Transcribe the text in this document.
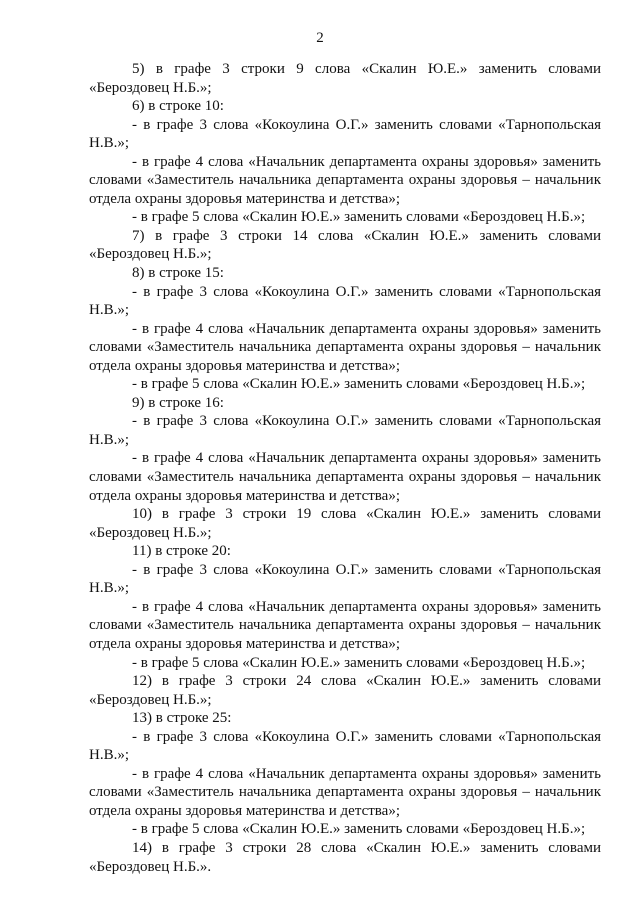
2

5) в графе 3 строки 9 слова «Скалин Ю.Е.» заменить словами «Бероздовец Н.Б.»;

6) в строке 10:

- в графе 3 слова «Кокоулина О.Г.» заменить словами «Тарнопольская Н.В.»;

- в графе 4 слова «Начальник департамента охраны здоровья» заменить словами «Заместитель начальника департамента охраны здоровья – начальник отдела охраны здоровья материнства и детства»;

- в графе 5 слова «Скалин Ю.Е.» заменить словами «Бероздовец Н.Б.»;

7) в графе 3 строки 14 слова «Скалин Ю.Е.» заменить словами «Бероздовец Н.Б.»;

8) в строке 15:

- в графе 3 слова «Кокоулина О.Г.» заменить словами «Тарнопольская Н.В.»;

- в графе 4 слова «Начальник департамента охраны здоровья» заменить словами «Заместитель начальника департамента охраны здоровья – начальник отдела охраны здоровья материнства и детства»;

- в графе 5 слова «Скалин Ю.Е.» заменить словами «Бероздовец Н.Б.»;

9) в строке 16:

- в графе 3 слова «Кокоулина О.Г.» заменить словами «Тарнопольская Н.В.»;

- в графе 4 слова «Начальник департамента охраны здоровья» заменить словами «Заместитель начальника департамента охраны здоровья – начальник отдела охраны здоровья материнства и детства»;

10) в графе 3 строки 19 слова «Скалин Ю.Е.» заменить словами «Бероздовец Н.Б.»;

11) в строке 20:

- в графе 3 слова «Кокоулина О.Г.» заменить словами «Тарнопольская Н.В.»;

- в графе 4 слова «Начальник департамента охраны здоровья» заменить словами «Заместитель начальника департамента охраны здоровья – начальник отдела охраны здоровья материнства и детства»;

- в графе 5 слова «Скалин Ю.Е.» заменить словами «Бероздовец Н.Б.»;

12) в графе 3 строки 24 слова «Скалин Ю.Е.» заменить словами «Бероздовец Н.Б.»;

13) в строке 25:

- в графе 3 слова «Кокоулина О.Г.» заменить словами «Тарнопольская Н.В.»;

- в графе 4 слова «Начальник департамента охраны здоровья» заменить словами «Заместитель начальника департамента охраны здоровья – начальник отдела охраны здоровья материнства и детства»;

- в графе 5 слова «Скалин Ю.Е.» заменить словами «Бероздовец Н.Б.»;

14) в графе 3 строки 28 слова «Скалин Ю.Е.» заменить словами «Бероздовец Н.Б.».
